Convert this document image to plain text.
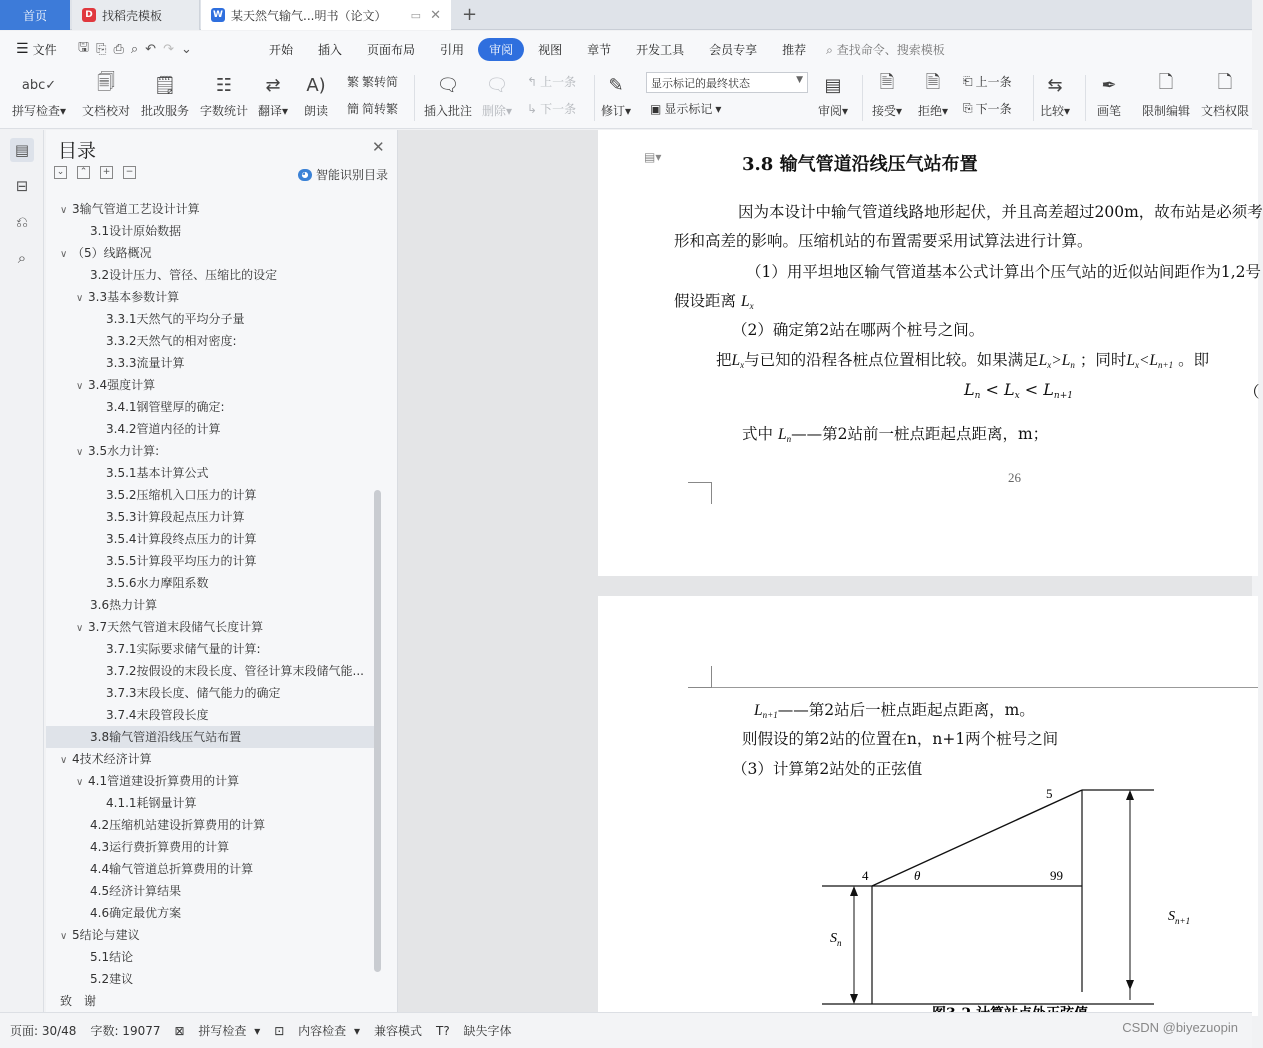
首页	D 找稻壳模板	W 某天然气输气...明书（论文） ▭ ✕ +
☰ 文件 🖫 ⎘ ⎙ ⌕ ↶ ↷ ⌄	开始	插入	页面布局	引用	审阅	视图	章节	开发工具	会员专享	推荐	⌕ 查找命令、搜索模板
abc✓
拼写检查▾
🗐
文档校对
🗒
批改服务
☷
字数统计
⇄
翻译▾
A)
朗读
繁 繁转简
簡 简转繁
🗨
插入批注
🗨
删除▾
↰ 上一条
↳ 下一条
✎
修订▾
显示标记的最终状态	▼
▣ 显示标记 ▾
▤
审阅▾
🗎
接受▾
🗎
拒绝▾
⎗ 上一条
⎘ 下一条
⇆
比较▾
✒
画笔
🗋
限制编辑
🗋
文档权限
▤
⊟
⎌
⌕
目录	✕
⌄	⌃	+	−	◕ 智能识别目录
∨ 3输气管道工艺设计计算
3.1设计原始数据
∨ （5）线路概况
3.2设计压力、管径、压缩比的设定
∨ 3.3基本参数计算
3.3.1天然气的平均分子量
3.3.2天然气的相对密度:
3.3.3流量计算
∨ 3.4强度计算
3.4.1钢管壁厚的确定:
3.4.2管道内径的计算
∨ 3.5水力计算:
3.5.1基本计算公式
3.5.2压缩机入口压力的计算
3.5.3计算段起点压力计算
3.5.4计算段终点压力的计算
3.5.5计算段平均压力的计算
3.5.6水力摩阻系数
3.6热力计算
∨ 3.7天然气管道末段储气长度计算
3.7.1实际要求储气量的计算:
3.7.2按假设的末段长度、管径计算末段储气能...
3.7.3末段长度、储气能力的确定
3.7.4末段管段长度
3.8输气管道沿线压气站布置
∨ 4技术经济计算
∨ 4.1管道建设折算费用的计算
4.1.1耗钢量计算
4.2压缩机站建设折算费用的计算
4.3运行费折算费用的计算
4.4输气管道总折算费用的计算
4.5经济计算结果
4.6确定最优方案
∨ 5结论与建议
5.1结论
5.2建议
致　谢
▤▾	3.8 输气管道沿线压气站布置
因为本设计中输气管道线路地形起伏，并且高差超过200m，故布站是必须考
形和高差的影响。压缩机站的布置需要采用试算法进行计算。
（1）用平坦地区输气管道基本公式计算出个压气站的近似站间距作为1,2号
假设距离 $L_x$
（2）确定第2站在哪两个桩号之间。
把$L_x$与已知的沿程各桩点位置相比较。如果满足$L_x>L_n$ ；同时$L_x<L_{n+1}$ 。即
$L_n < L_x < L_{n+1}$	（
式中 $L_n——$第2站前一桩点距起点距离，m；
26
$L_{n+1}——$第2站后一桩点距起点距离，m。
则假设的第2站的位置在n，n+1两个桩号之间
（3）计算第2站处的正弦值
4
5
θ	99
$S_n$
$S_{n+1}$
页面: 30/48 字数: 19077 ⊠ 拼写检查 ▾ ⊡ 内容检查 ▾ 兼容模式 T? 缺失字体	CSDN @biyezuopin
